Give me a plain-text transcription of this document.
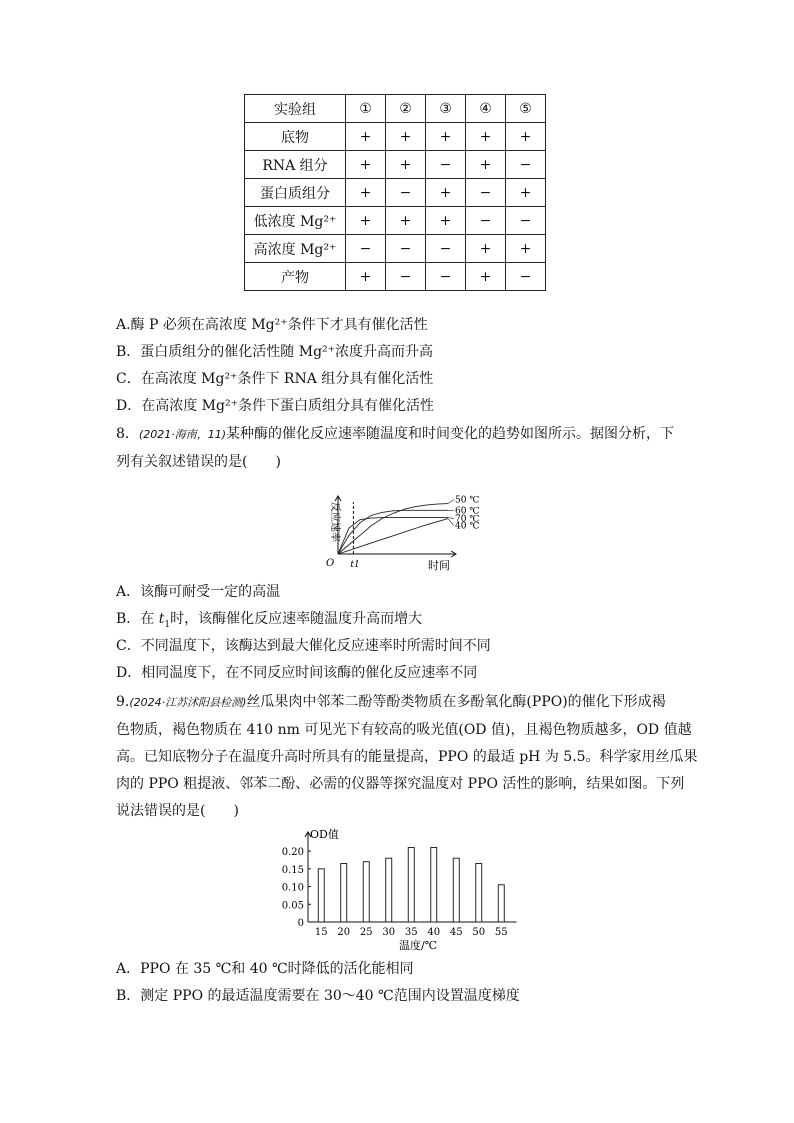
实验组	①	②	③	④	⑤
底物	+	+	+	+	+
RNA 组分	+	+	−	+	−
蛋白质组分	+	−	+	−	+
低浓度 Mg²⁺	+	+	+	−	−
高浓度 Mg²⁺	−	−	−	+	+
产物	+	−	−	+	−
A.酶 P 必须在高浓度 Mg²⁺条件下才具有催化活性
B．蛋白质组分的催化活性随 Mg²⁺浓度升高而升高
C．在高浓度 Mg²⁺条件下 RNA 组分具有催化活性
D．在高浓度 Mg²⁺条件下蛋白质组分具有催化活性
8．(2021·海南，11)某种酶的催化反应速率随温度和时间变化的趋势如图所示。据图分析，下
列有关叙述错误的是(　　)
t1
O	时间
反应速率
50 ℃
60 ℃
70 ℃
40 ℃
A．该酶可耐受一定的高温
B．在 $t_1$时，该酶催化反应速率随温度升高而增大
C．不同温度下，该酶达到最大催化反应速率时所需时间不同
D．相同温度下，在不同反应时间该酶的催化反应速率不同
9.(2024·江苏沭阳县检测)丝瓜果肉中邻苯二酚等酚类物质在多酚氧化酶(PPO)的催化下形成褐
色物质，褐色物质在 410 nm 可见光下有较高的吸光值(OD 值)，且褐色物质越多，OD 值越
高。已知底物分子在温度升高时所具有的能量提高，PPO 的最适 pH 为 5.5。科学家用丝瓜果
肉的 PPO 粗提液、邻苯二酚、必需的仪器等探究温度对 PPO 活性的影响，结果如图。下列
说法错误的是(　　)
OD值
0
0.05
0.10
0.15
0.20
15 20 25 30 35 40 45 50 55
温度/℃
A．PPO 在 35 ℃和 40 ℃时降低的活化能相同
B．测定 PPO 的最适温度需要在 30～40 ℃范围内设置温度梯度
